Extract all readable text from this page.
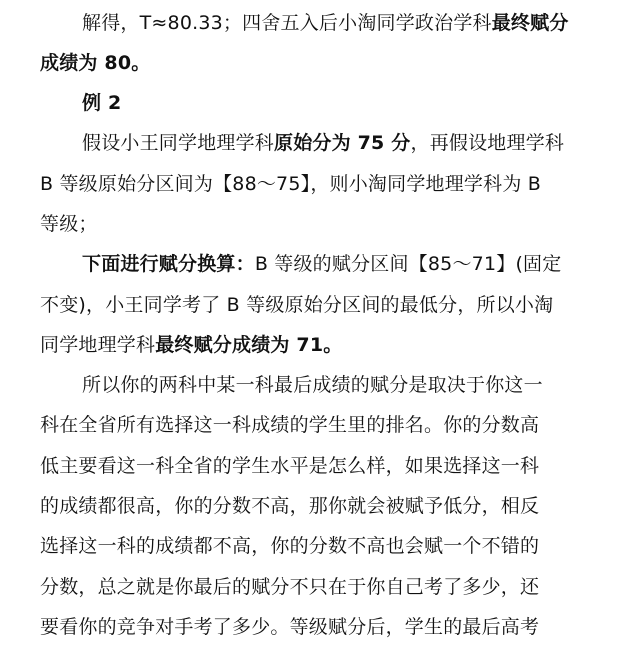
解得，T≈80.33；四舍五入后小淘同学政治学科最终赋分
成绩为 80。
例 2
假设小王同学地理学科原始分为 75 分，再假设地理学科
B 等级原始分区间为【88～75】，则小淘同学地理学科为 B
等级；
下面进行赋分换算：B 等级的赋分区间【85～71】(固定
不变)，小王同学考了 B 等级原始分区间的最低分，所以小淘
同学地理学科最终赋分成绩为 71。
所以你的两科中某一科最后成绩的赋分是取决于你这一
科在全省所有选择这一科成绩的学生里的排名。你的分数高
低主要看这一科全省的学生水平是怎么样，如果选择这一科
的成绩都很高，你的分数不高，那你就会被赋予低分，相反
选择这一科的成绩都不高，你的分数不高也会赋一个不错的
分数，总之就是你最后的赋分不只在于你自己考了多少，还
要看你的竞争对手考了多少。等级赋分后，学生的最后高考
